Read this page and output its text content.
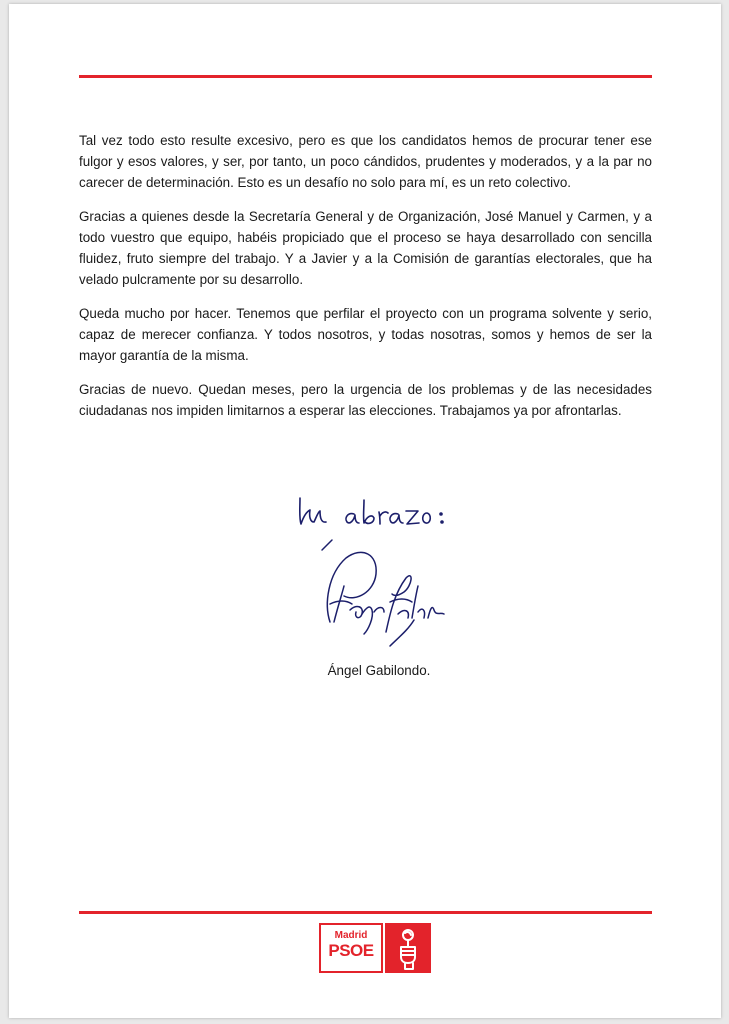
Tal vez todo esto resulte excesivo, pero es que los candidatos hemos de procurar tener ese fulgor y esos valores, y ser, por tanto, un poco cándidos, prudentes y moderados, y a la par no carecer de determinación. Esto es un desafío no solo para mí, es un reto colectivo.

Gracias a quienes desde la Secretaría General y de Organización, José Manuel y Carmen, y a todo vuestro que equipo, habéis propiciado que el proceso se haya desarrollado con sencilla fluidez, fruto siempre del trabajo. Y a Javier y a la Comisión de garantías electorales, que ha velado pulcramente por su desarrollo.

Queda mucho por hacer. Tenemos que perfilar el proyecto con un programa solvente y serio, capaz de merecer confianza. Y todos nosotros, y todas nosotras, somos y hemos de ser la mayor garantía de la misma.

Gracias de nuevo. Quedan meses, pero la urgencia de los problemas y de las necesidades ciudadanas nos impiden limitarnos a esperar las elecciones. Trabajamos ya por afrontarlas.

Ángel Gabilondo.
Madrid
PSOE
